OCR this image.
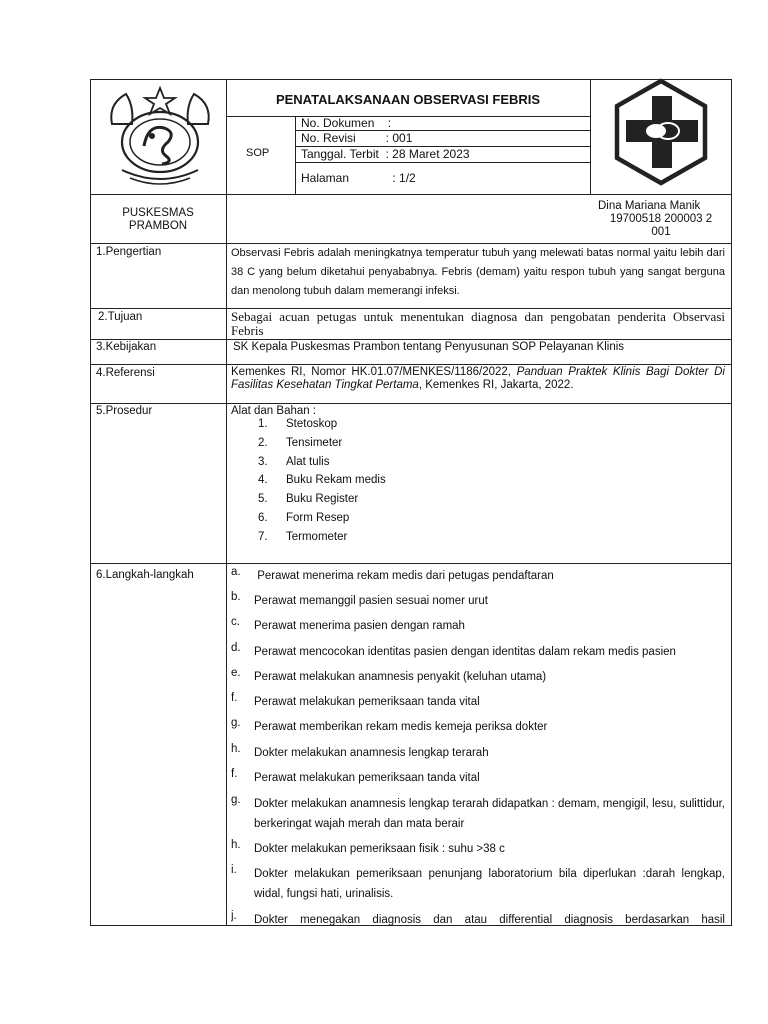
PENATALAKSANAAN OBSERVASI FEBRIS
SOP
No. Dokumen    :
No. Revisi         : 001
Tanggal. Terbit  : 28 Maret 2023
Halaman             : 1/2
PUSKESMAS
PRAMBON
Dina Mariana Manik
19700518 200003 2
001
1.Pengertian	Observasi Febris adalah meningkatnya temperatur tubuh yang melewati batas normal yaitu lebih dari 38 C yang belum diketahui penyababnya. Febris (demam) yaitu respon tubuh yang sangat berguna dan menolong tubuh dalam memerangi infeksi.
2.Tujuan	Sebagai acuan petugas untuk menentukan diagnosa dan pengobatan penderita Observasi Febris
3.Kebijakan	SK Kepala Puskesmas Prambon tentang Penyusunan SOP Pelayanan Klinis
4.Referensi	Kemenkes RI, Nomor HK.01.07/MENKES/1186/2022, Panduan Praktek Klinis Bagi Dokter Di Fasilitas Kesehatan Tingkat Pertama, Kemenkes RI, Jakarta, 2022.
5.Prosedur	Alat dan Bahan :
1. Stetoskop
2. Tensimeter
3. Alat tulis
4. Buku Rekam medis
5. Buku Register
6. Form Resep
7. Termometer
6.Langkah-langkah	a. Perawat menerima rekam medis dari petugas pendaftaran
b. Perawat memanggil pasien sesuai nomer urut
c. Perawat menerima pasien dengan ramah
d. Perawat mencocokan identitas pasien dengan identitas dalam rekam medis pasien
e. Perawat melakukan anamnesis penyakit (keluhan utama)
f. Perawat melakukan pemeriksaan tanda vital
g. Perawat memberikan rekam medis kemeja periksa dokter
h. Dokter melakukan anamnesis lengkap terarah
f. Perawat melakukan pemeriksaan tanda vital
g. Dokter melakukan anamnesis lengkap terarah didapatkan : demam, mengigil, lesu, sulittidur, berkeringat wajah merah dan mata berair
h. Dokter melakukan pemeriksaan fisik : suhu >38 c
i. Dokter melakukan pemeriksaan penunjang laboratorium bila diperlukan :darah lengkap, widal, fungsi hati, urinalisis.
j. Dokter menegakan diagnosis dan atau differential diagnosis berdasarkan hasil
